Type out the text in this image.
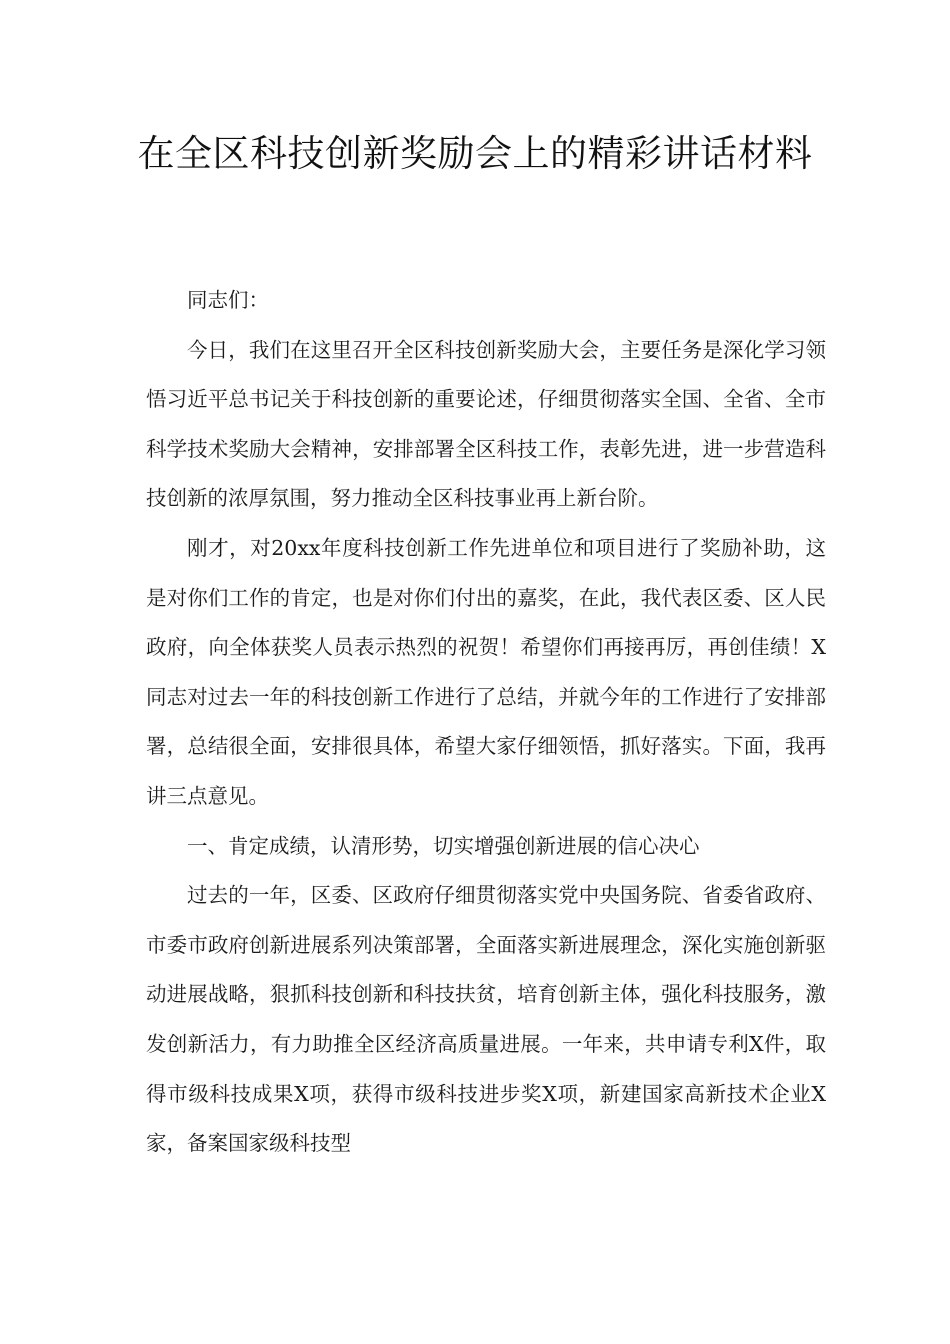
在全区科技创新奖励会上的精彩讲话材料

同志们：

今日，我们在这里召开全区科技创新奖励大会，主要任务是深化学习领悟习近平总书记关于科技创新的重要论述，仔细贯彻落实全国、全省、全市科学技术奖励大会精神，安排部署全区科技工作，表彰先进，进一步营造科技创新的浓厚氛围，努力推动全区科技事业再上新台阶。

刚才，对20xx年度科技创新工作先进单位和项目进行了奖励补助，这是对你们工作的肯定，也是对你们付出的嘉奖，在此，我代表区委、区人民政府，向全体获奖人员表示热烈的祝贺！希望你们再接再厉，再创佳绩！X同志对过去一年的科技创新工作进行了总结，并就今年的工作进行了安排部署，总结很全面，安排很具体，希望大家仔细领悟，抓好落实。下面，我再讲三点意见。

一、肯定成绩，认清形势，切实增强创新进展的信心决心

过去的一年，区委、区政府仔细贯彻落实党中央国务院、省委省政府、市委市政府创新进展系列决策部署，全面落实新进展理念，深化实施创新驱动进展战略，狠抓科技创新和科技扶贫，培育创新主体，强化科技服务，激发创新活力，有力助推全区经济高质量进展。一年来，共申请专利X件，取得市级科技成果X项，获得市级科技进步奖X项，新建国家高新技术企业X家，备案国家级科技型
